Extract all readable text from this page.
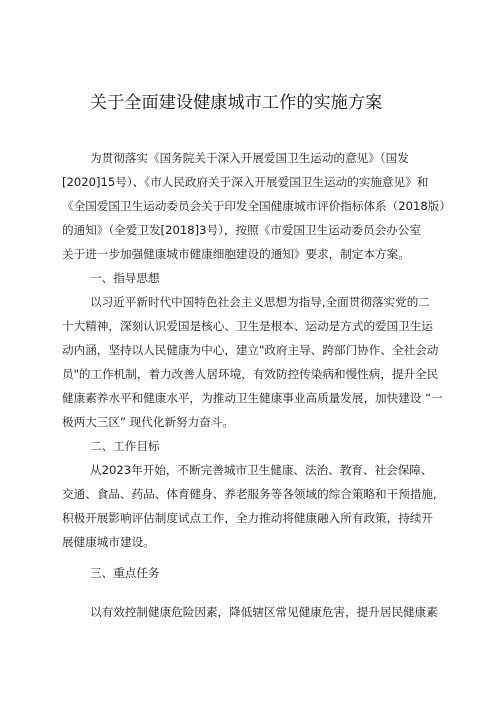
关于全面建设健康城市工作的实施方案
为贯彻落实《国务院关于深入开展爱国卫生运动的意见》（国发
[2020]15号）、《市人民政府关于深入开展爱国卫生运动的实施意见》和
《全国爱国卫生运动委员会关于印发全国健康城市评价指标体系（2018版）
的通知》（全爱卫发[2018]3号），按照《市爱国卫生运动委员会办公室
关于进一步加强健康城市健康细胞建设的通知》要求，制定本方案。
一、指导思想
以习近平新时代中国特色社会主义思想为指导,全面贯彻落实党的二
十大精神，深刻认识爱国是核心、卫生是根本、运动是方式的爱国卫生运
动内涵，坚持以人民健康为中心，建立"政府主导、跨部门协作、全社会动
员"的工作机制，着力改善人居环境，有效防控传染病和慢性病，提升全民
健康素养水平和健康水平，为推动卫生健康事业高质量发展，加快建设 “一
极两大三区” 现代化新努力奋斗。
二、工作目标
从2023年开始，不断完善城市卫生健康、法治、教育、社会保障、
交通、食品、药品、体育健身、养老服务等各领域的综合策略和干预措施,
积极开展影响评估制度试点工作，全力推动将健康融入所有政策，持续开
展健康城市建设。
三、重点任务
以有效控制健康危险因素，降低辖区常见健康危害，提升居民健康素
